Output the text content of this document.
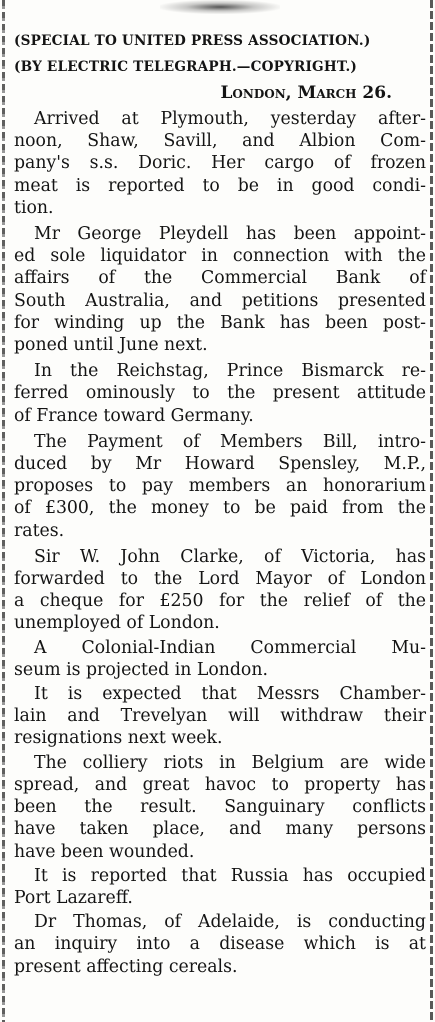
(SPECIAL TO UNITED PRESS ASSOCIATION.)
(BY ELECTRIC TELEGRAPH.—COPYRIGHT.)
London, March 26.
Arrived at Plymouth, yesterday after-
noon, Shaw, Savill, and Albion Com-
pany's s.s. Doric. Her cargo of frozen
meat is reported to be in good condi-
tion.
Mr George Pleydell has been appoint-
ed sole liquidator in connection with the
affairs of the Commercial Bank of
South Australia, and petitions presented
for winding up the Bank has been post-
poned until June next.
In the Reichstag, Prince Bismarck re-
ferred ominously to the present attitude
of France toward Germany.
The Payment of Members Bill, intro-
duced by Mr Howard Spensley, M.P.,
proposes to pay members an honorarium
of £300, the money to be paid from the
rates.
Sir W. John Clarke, of Victoria, has
forwarded to the Lord Mayor of London
a cheque for £250 for the relief of the
unemployed of London.
A Colonial-Indian Commercial Mu-
seum is projected in London.
It is expected that Messrs Chamber-
lain and Trevelyan will withdraw their
resignations next week.
The colliery riots in Belgium are wide
spread, and great havoc to property has
been the result. Sanguinary conflicts
have taken place, and many persons
have been wounded.
It is reported that Russia has occupied
Port Lazareff.
Dr Thomas, of Adelaide, is conducting
an inquiry into a disease which is at
present affecting cereals.
